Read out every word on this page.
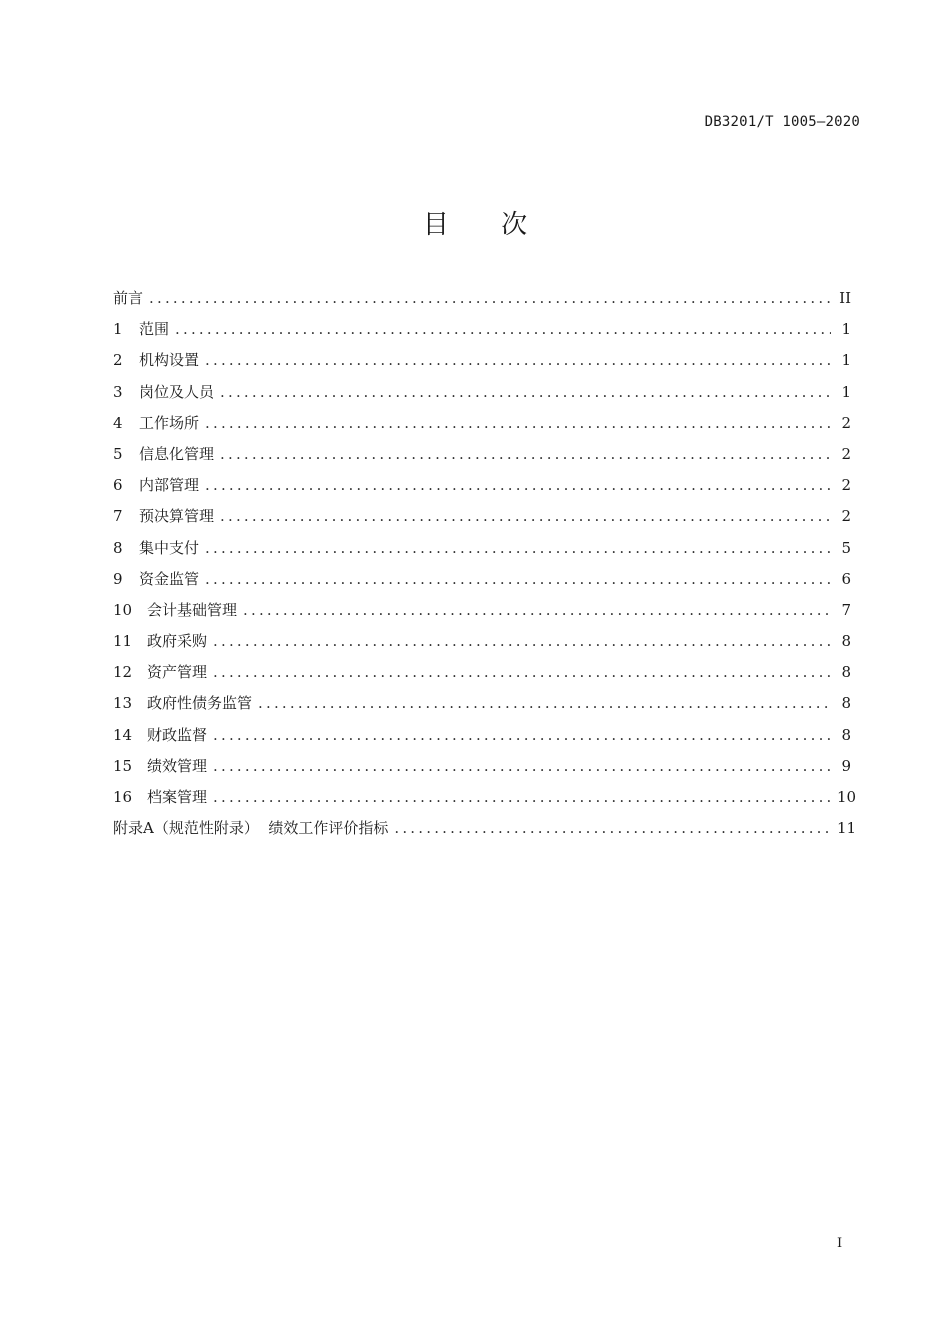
DB3201/T 1005—2020
目 次
前言 .....	II
1	范围 .....	1
2	机构设置 .....	1
3	岗位及人员 .....	1
4	工作场所 .....	2
5	信息化管理 .....	2
6	内部管理 .....	2
7	预决算管理 .....	2
8	集中支付 .....	5
9	资金监管 .....	6
10 会计基础管理 .....	7
11 政府采购 .....	8
12 资产管理 .....	8
13 政府性债务监管 .....	8
14 财政监督 .....	8
15 绩效管理 .....	9
16 档案管理 .....	10
附录A（规范性附录）  绩效工作评价指标 .....	11
I
